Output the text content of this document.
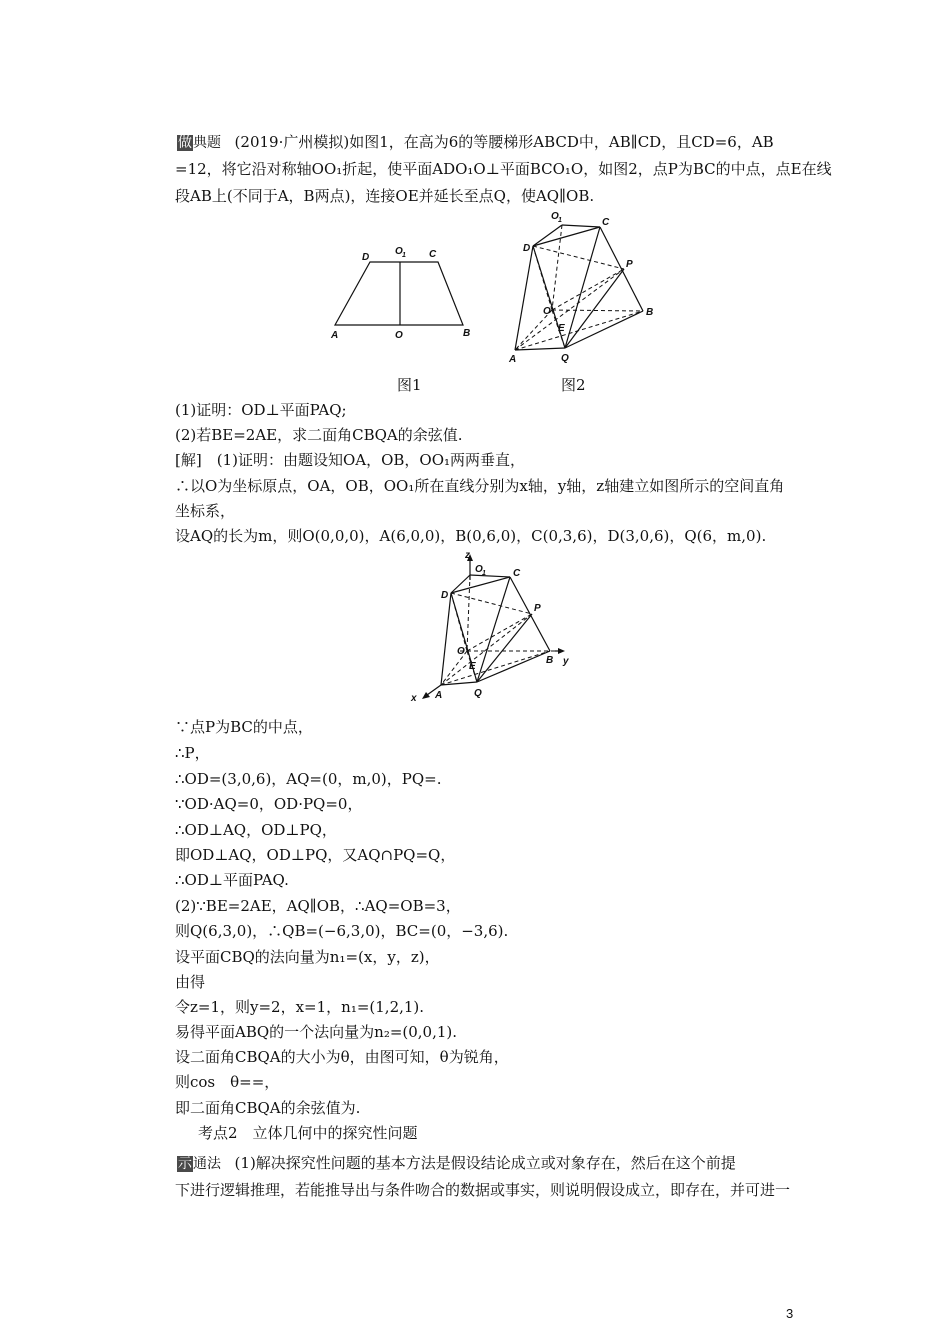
做典题 (2019·广州模拟)如图1，在高为6的等腰梯形ABCD中，AB∥CD，且CD=6，AB
=12，将它沿对称轴OO₁折起，使平面ADO₁O⊥平面BCO₁O，如图2，点P为BC的中点，点E在线
段AB上(不同于A，B两点)，连接OE并延长至点Q，使AQ∥OB.
D
O 1 C
A	O	B
O 1	C
D
P
O	B
E
A	Q
图1	图2
(1)证明：OD⊥平面PAQ;
(2)若BE=2AE，求二面角CBQA的余弦值.
[解]　(1)证明：由题设知OA，OB，OO₁两两垂直，
∴以O为坐标原点，OA，OB，OO₁所在直线分别为x轴，y轴，z轴建立如图所示的空间直角
坐标系，
设AQ的长为m，则O(0,0,0)，A(6,0,0)，B(0,6,0)，C(0,3,6)，D(3,0,6)，Q(6，m,0).
z
O 1	C
D
P
O
B y
E
x A	Q
∵点P为BC的中点，
∴P，
∴OD=(3,0,6)，AQ=(0，m,0)，PQ=.
∵OD·AQ=0，OD·PQ=0，
∴OD⊥AQ，OD⊥PQ，
即OD⊥AQ，OD⊥PQ，又AQ∩PQ=Q，
∴OD⊥平面PAQ.
(2)∵BE=2AE，AQ∥OB，∴AQ=OB=3，
则Q(6,3,0)，∴QB=(−6,3,0)，BC=(0，−3,6).
设平面CBQ的法向量为n₁=(x，y，z)，
由得
令z=1，则y=2，x=1，n₁=(1,2,1).
易得平面ABQ的一个法向量为n₂=(0,0,1).
设二面角CBQA的大小为θ，由图可知，θ为锐角，
则cos　θ==，
即二面角CBQA的余弦值为.
考点2　立体几何中的探究性问题
示通法 (1)解决探究性问题的基本方法是假设结论成立或对象存在，然后在这个前提
下进行逻辑推理，若能推导出与条件吻合的数据或事实，则说明假设成立，即存在，并可进一
3
